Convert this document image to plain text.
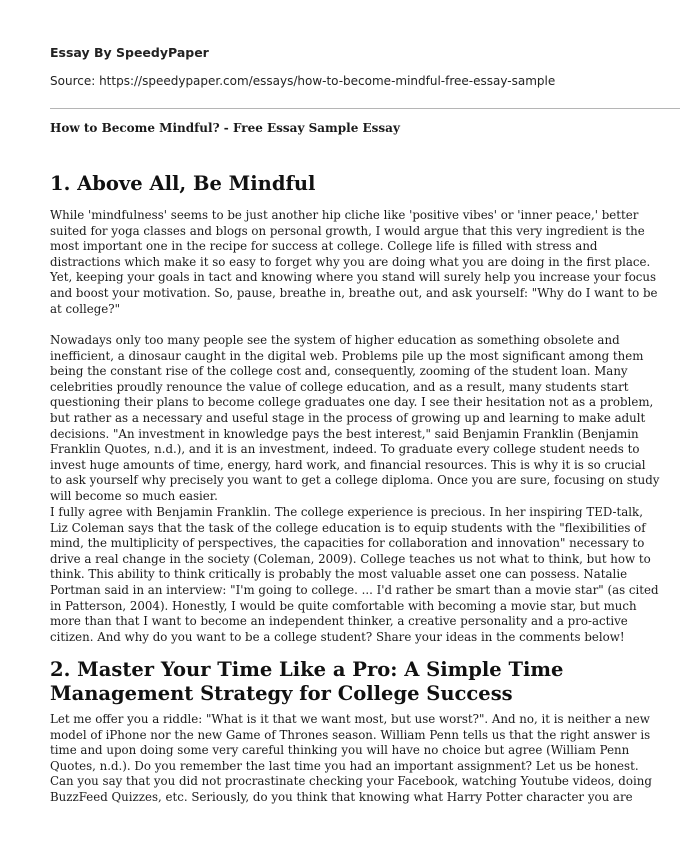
Essay By SpeedyPaper
Source: https://speedypaper.com/essays/how-to-become-mindful-free-essay-sample
How to Become Mindful? - Free Essay Sample Essay
1. Above All, Be Mindful

While 'mindfulness' seems to be just another hip cliche like 'positive vibes' or 'inner peace,' better suited for yoga classes and blogs on personal growth, I would argue that this very ingredient is the most important one in the recipe for success at college. College life is filled with stress and distractions which make it so easy to forget why you are doing what you are doing in the first place. Yet, keeping your goals in tact and knowing where you stand will surely help you increase your focus and boost your motivation. So, pause, breathe in, breathe out, and ask yourself: "Why do I want to be at college?"

Nowadays only too many people see the system of higher education as something obsolete and inefficient, a dinosaur caught in the digital web. Problems pile up the most significant among them being the constant rise of the college cost and, consequently, zooming of the student loan. Many celebrities proudly renounce the value of college education, and as a result, many students start questioning their plans to become college graduates one day. I see their hesitation not as a problem, but rather as a necessary and useful stage in the process of growing up and learning to make adult decisions. "An investment in knowledge pays the best interest," said Benjamin Franklin (Benjamin Franklin Quotes, n.d.), and it is an investment, indeed. To graduate every college student needs to invest huge amounts of time, energy, hard work, and financial resources. This is why it is so crucial to ask yourself why precisely you want to get a college diploma. Once you are sure, focusing on study will become so much easier.

I fully agree with Benjamin Franklin. The college experience is precious. In her inspiring TED-talk, Liz Coleman says that the task of the college education is to equip students with the "flexibilities of mind, the multiplicity of perspectives, the capacities for collaboration and innovation" necessary to drive a real change in the society (Coleman, 2009). College teaches us not what to think, but how to think. This ability to think critically is probably the most valuable asset one can possess. Natalie Portman said in an interview: "I'm going to college. ... I'd rather be smart than a movie star" (as cited in Patterson, 2004). Honestly, I would be quite comfortable with becoming a movie star, but much more than that I want to become an independent thinker, a creative personality and a pro-active citizen. And why do you want to be a college student? Share your ideas in the comments below!

2. Master Your Time Like a Pro: A Simple Time Management Strategy for College Success

Let me offer you a riddle: "What is it that we want most, but use worst?". And no, it is neither a new model of iPhone nor the new Game of Thrones season. William Penn tells us that the right answer is time and upon doing some very careful thinking you will have no choice but agree (William Penn Quotes, n.d.). Do you remember the last time you had an important assignment? Let us be honest. Can you say that you did not procrastinate checking your Facebook, watching Youtube videos, doing BuzzFeed Quizzes, etc. Seriously, do you think that knowing what Harry Potter character you are
